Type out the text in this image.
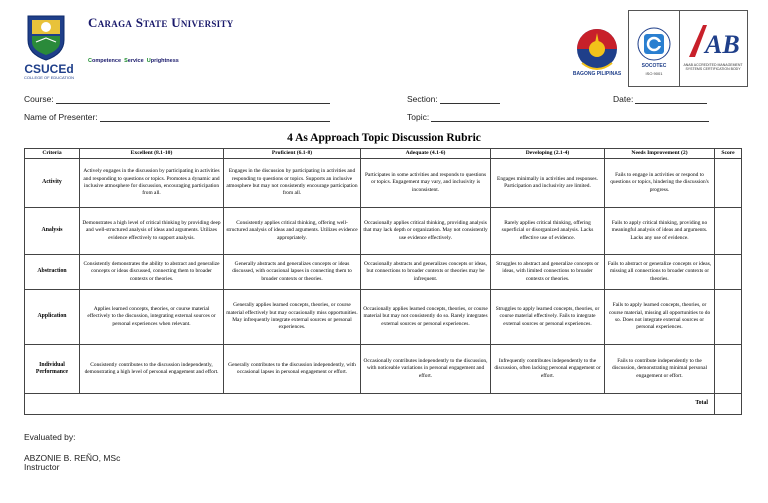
CSUCEd
COLLEGE OF EDUCATION
Caraga State University
Competence Service Uprightness
BAGONG PILIPINAS
SOCOTEC
ISO 9001
AB
ANAB ACCREDITED MANAGEMENT SYSTEMS CERTIFICATION BODY
Course:	Section:	Date:
Name of Presenter:	Topic:
4 As Approach Topic Discussion Rubric
Criteria	Excellent (8.1-10)	Proficient (6.1-8)	Adequate (4.1-6)	Developing (2.1-4)	Needs Improvement (2)	Score
Activity	Actively engages in the discussion by participating in activities and responding to questions or topics. Promotes a dynamic and inclusive atmosphere for discussion, encouraging participation from all.	Engages in the discussion by participating in activities and responding to questions or topics. Supports an inclusive atmosphere but may not consistently encourage participation from all.	Participates in some activities and responds to questions or topics. Engagement may vary, and inclusivity is inconsistent.	Engages minimally in activities and responses. Participation and inclusivity are limited.	Fails to engage in activities or respond to questions or topics, hindering the discussion's progress.	
Analysis	Demonstrates a high level of critical thinking by providing deep and well-structured analysis of ideas and arguments. Utilizes evidence effectively to support analysis.	Consistently applies critical thinking, offering well-structured analysis of ideas and arguments. Utilizes evidence appropriately.	Occasionally applies critical thinking, providing analysis that may lack depth or organization. May not consistently use evidence effectively.	Rarely applies critical thinking, offering superficial or disorganized analysis. Lacks effective use of evidence.	Fails to apply critical thinking, providing no meaningful analysis of ideas and arguments. Lacks any use of evidence.	
Abstraction	Consistently demonstrates the ability to abstract and generalize concepts or ideas discussed, connecting them to broader contexts or theories.	Generally abstracts and generalizes concepts or ideas discussed, with occasional lapses in connecting them to broader contexts or theories.	Occasionally abstracts and generalizes concepts or ideas, but connections to broader contexts or theories may be infrequent.	Struggles to abstract and generalize concepts or ideas, with limited connections to broader contexts or theories.	Fails to abstract or generalize concepts or ideas, missing all connections to broader contexts or theories.	
Application	Applies learned concepts, theories, or course material effectively to the discussion, integrating external sources or personal experiences when relevant.	Generally applies learned concepts, theories, or course material effectively but may occasionally miss opportunities. May infrequently integrate external sources or personal experiences.	Occasionally applies learned concepts, theories, or course material but may not consistently do so. Rarely integrates external sources or personal experiences.	Struggles to apply learned concepts, theories, or course material effectively. Fails to integrate external sources or personal experiences.	Fails to apply learned concepts, theories, or course material, missing all opportunities to do so. Does not integrate external sources or personal experiences.	
Individual Performance	Consistently contributes to the discussion independently, demonstrating a high level of personal engagement and effort.	Generally contributes to the discussion independently, with occasional lapses in personal engagement or effort.	Occasionally contributes independently to the discussion, with noticeable variations in personal engagement and effort.	Infrequently contributes independently to the discussion, often lacking personal engagement or effort.	Fails to contribute independently to the discussion, demonstrating minimal personal engagement or effort.	
Total						
Evaluated by:
ABZONIE B. REÑO, MSc
Instructor
